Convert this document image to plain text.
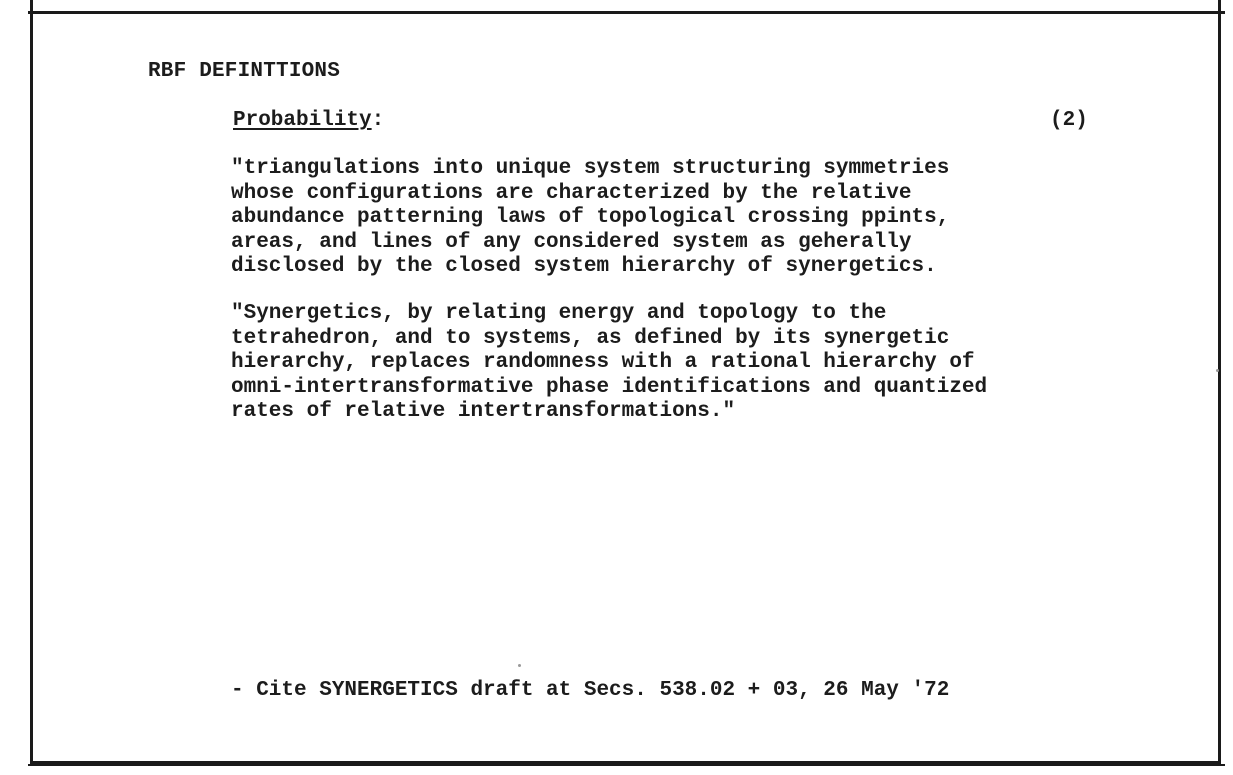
RBF DEFINTTIONS
Probability:	(2)

"triangulations into unique system structuring symmetries
whose configurations are characterized by the relative
abundance patterning laws of topological crossing ppints,
areas, and lines of any considered system as geherally
disclosed by the closed system hierarchy of synergetics.

"Synergetics, by relating energy and topology to the
tetrahedron, and to systems, as defined by its synergetic
hierarchy, replaces randomness with a rational hierarchy of
omni-intertransformative phase identifications and quantized
rates of relative intertransformations."

- Cite SYNERGETICS draft at Secs. 538.02 + 03, 26 May '72
